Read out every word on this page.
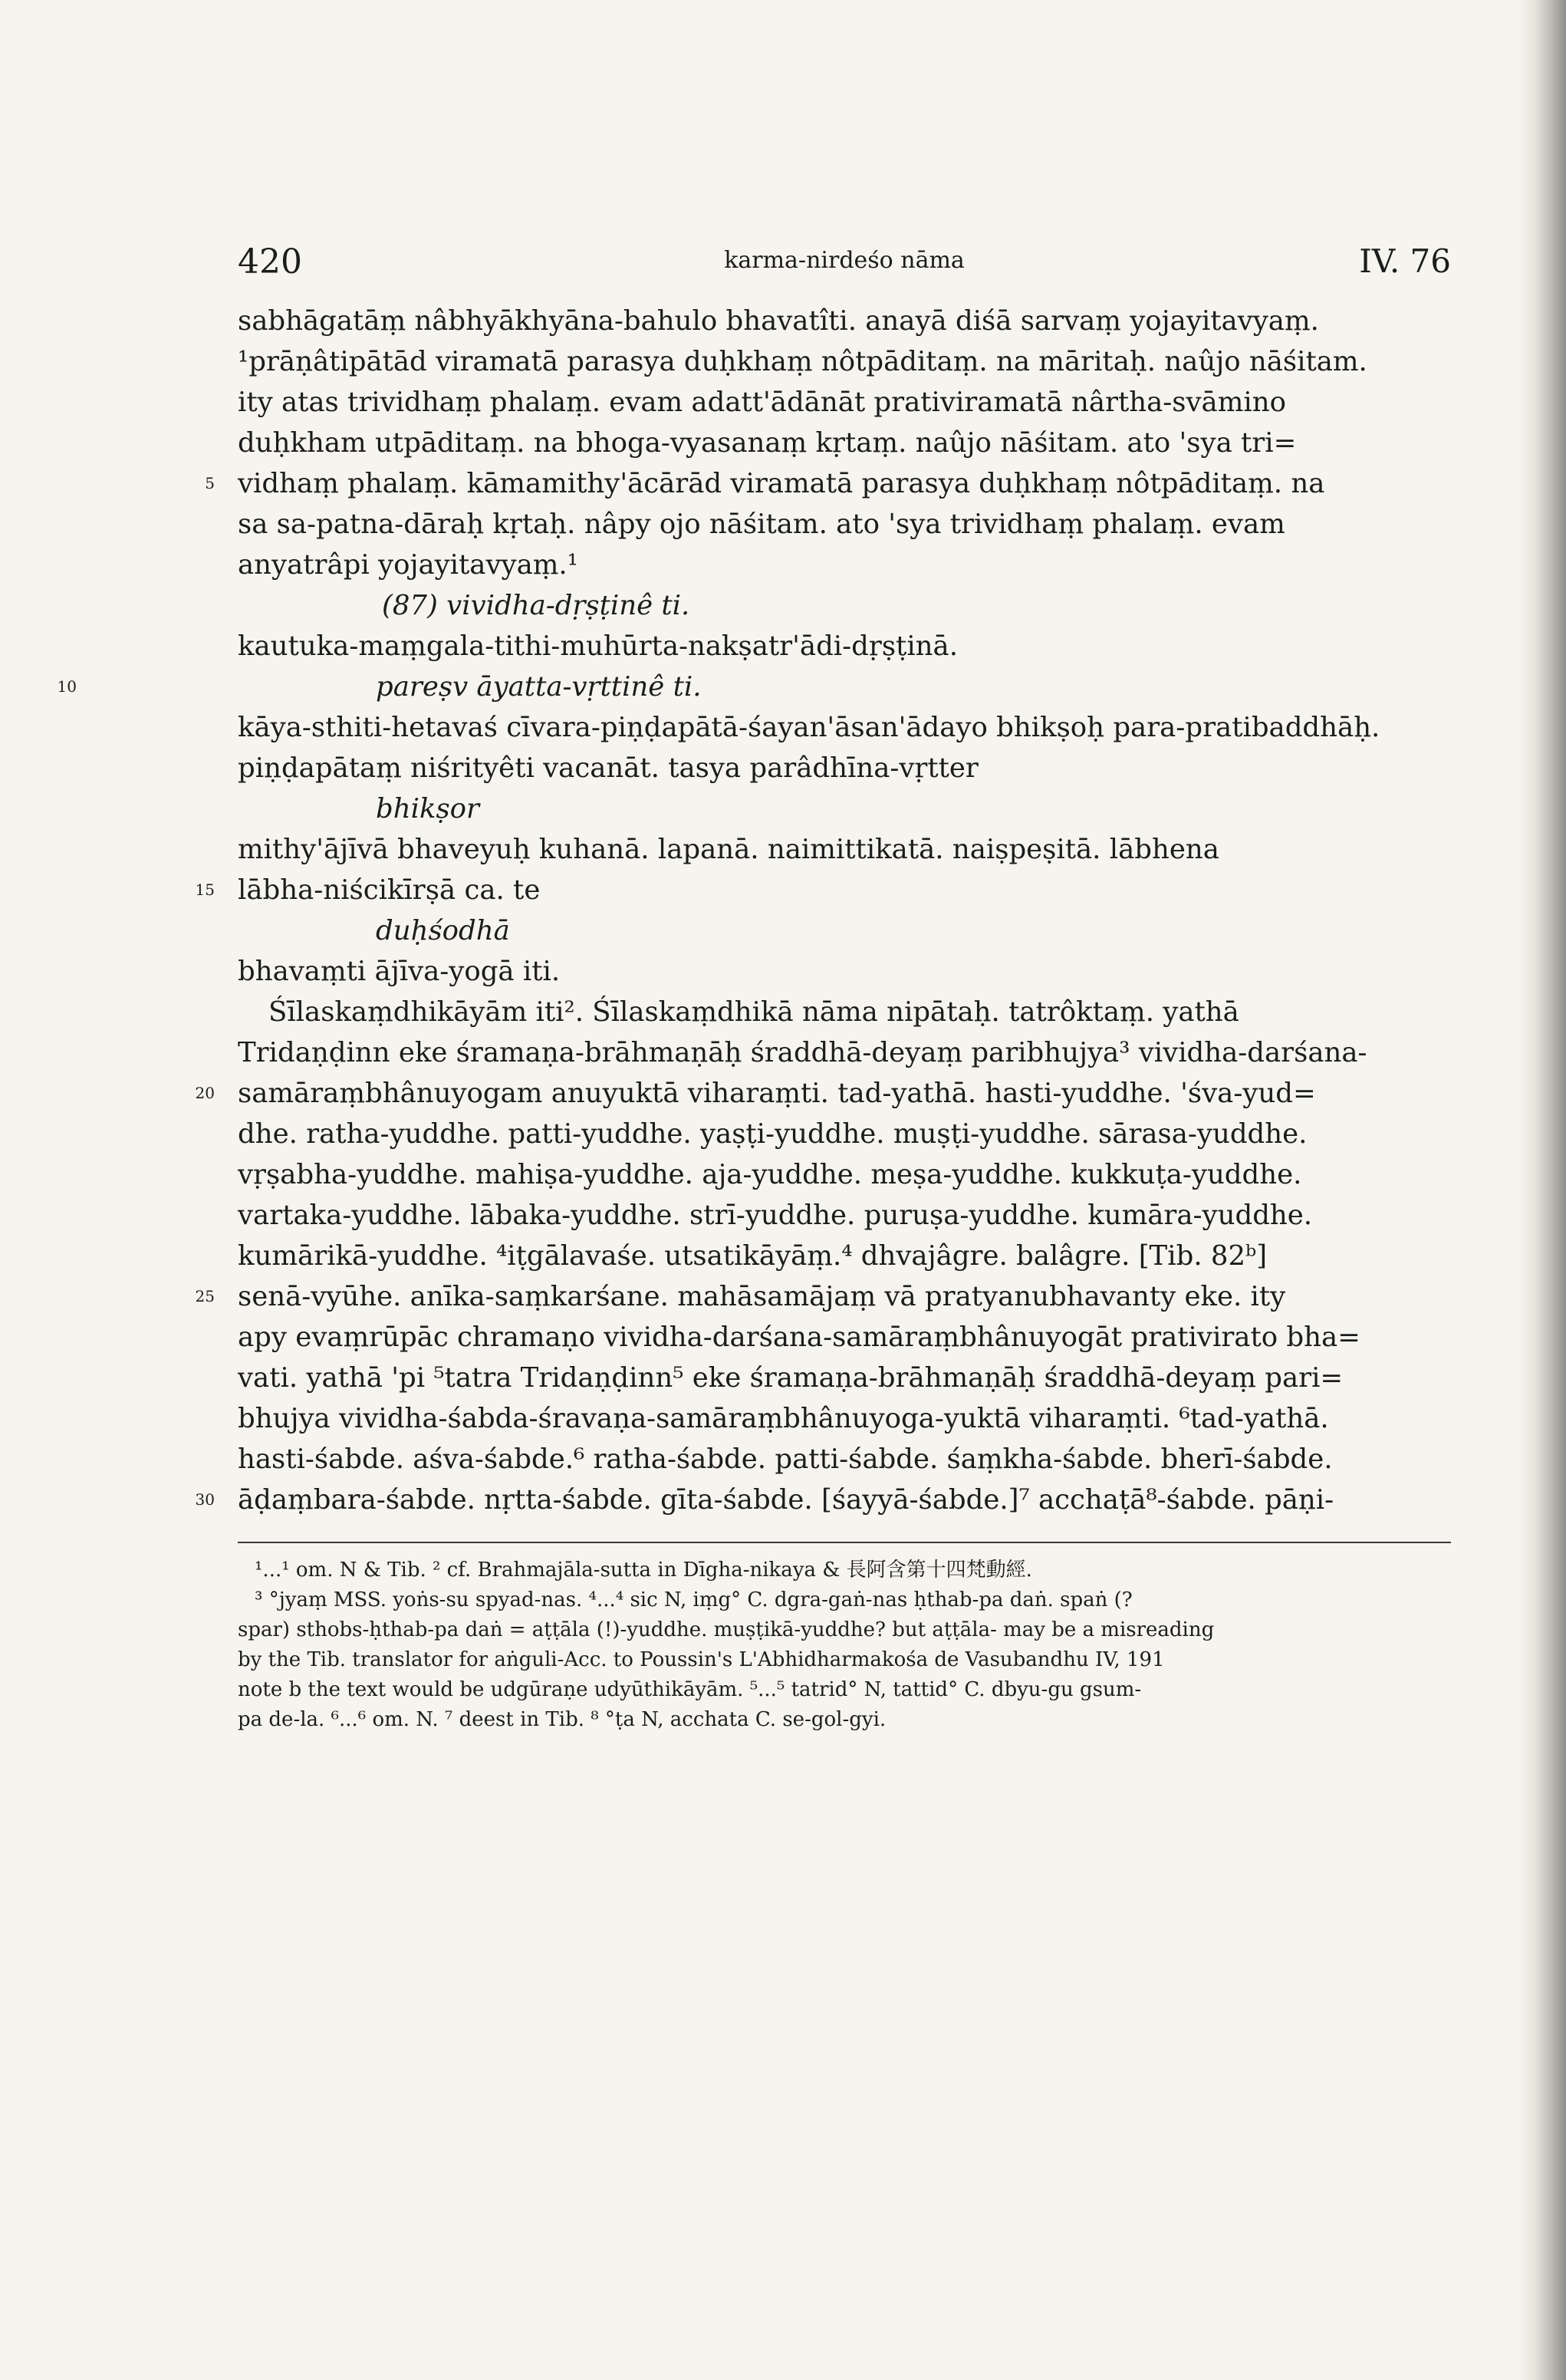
420	karma-nirdeśo nāma	IV. 76
sabhāgatāṃ nâbhyākhyāna-bahulo bhavatîti. anayā diśā sarvaṃ yojayitavyaṃ.
¹prāṇâtipātād viramatā parasya duḥkhaṃ nôtpāditaṃ. na māritaḥ. naûjo nāśitam.
ity atas trividhaṃ phalaṃ. evam adatt'ādānāt prativiramatā nârtha-svāmino
duḥkham utpāditaṃ. na bhoga-vyasanaṃ kṛtaṃ. naûjo nāśitam. ato 'sya tri=
5 vidhaṃ phalaṃ. kāmamithy'ācārād viramatā parasya duḥkhaṃ nôtpāditaṃ. na
sa sa-patna-dāraḥ kṛtaḥ. nâpy ojo nāśitam. ato 'sya trividhaṃ phalaṃ. evam
anyatrâpi yojayitavyaṃ.¹
(87) vividha-dṛṣṭinê ti.
kautuka-maṃgala-tithi-muhūrta-nakṣatr'ādi-dṛṣṭinā.
10	pareṣv āyatta-vṛttinê ti.
kāya-sthiti-hetavaś cīvara-piṇḍapātā-śayan'āsan'ādayo bhikṣoḥ para-pratibaddhāḥ.
piṇḍapātaṃ niśrityêti vacanāt. tasya parâdhīna-vṛtter
bhikṣor
mithy'ājīvā bhaveyuḥ kuhanā. lapanā. naimittikatā. naiṣpeṣitā. lābhena
15 lābha-niścikīrṣā ca. te
duḥśodhā
bhavaṃti ājīva-yogā iti.
Śīlaskaṃdhikāyām iti². Śīlaskaṃdhikā nāma nipātaḥ. tatrôktaṃ. yathā
Tridaṇḍinn eke śramaṇa-brāhmaṇāḥ śraddhā-deyaṃ paribhujya³ vividha-darśana-
20 samāraṃbhânuyogam anuyuktā viharaṃti. tad-yathā. hasti-yuddhe. 'śva-yud=
dhe. ratha-yuddhe. patti-yuddhe. yaṣṭi-yuddhe. muṣṭi-yuddhe. sārasa-yuddhe.
vṛṣabha-yuddhe. mahiṣa-yuddhe. aja-yuddhe. meṣa-yuddhe. kukkuṭa-yuddhe.
vartaka-yuddhe. lābaka-yuddhe. strī-yuddhe. puruṣa-yuddhe. kumāra-yuddhe.
kumārikā-yuddhe. ⁴iṭgālavaśe. utsatikāyāṃ.⁴ dhvajâgre. balâgre. [Tib. 82ᵇ]
25 senā-vyūhe. anīka-saṃkarśane. mahāsamājaṃ vā pratyanubhavanty eke. ity
apy evaṃrūpāc chramaṇo vividha-darśana-samāraṃbhânuyogāt prativirato bha=
vati. yathā 'pi ⁵tatra Tridaṇḍinn⁵ eke śramaṇa-brāhmaṇāḥ śraddhā-deyaṃ pari=
bhujya vividha-śabda-śravaṇa-samāraṃbhânuyoga-yuktā viharaṃti. ⁶tad-yathā.
hasti-śabde. aśva-śabde.⁶ ratha-śabde. patti-śabde. śaṃkha-śabde. bherī-śabde.
30 āḍaṃbara-śabde. nṛtta-śabde. gīta-śabde. [śayyā-śabde.]⁷ acchaṭā⁸-śabde. pāṇi-
¹...¹ om. N & Tib. ² cf. Brahmajāla-sutta in Dīgha-nikaya & 長阿含第十四梵動經.
³ °jyaṃ MSS. yoṅs-su spyad-nas. ⁴...⁴ sic N, iṃg° C. dgra-gaṅ-nas ḥthab-pa daṅ. spaṅ (?
spar) sthobs-ḥthab-pa daṅ = aṭṭāla (!)-yuddhe. muṣṭikā-yuddhe? but aṭṭāla- may be a misreading
by the Tib. translator for aṅguli-Acc. to Poussin's L'Abhidharmakośa de Vasubandhu IV, 191
note b the text would be udgūraṇe udyūthikāyām. ⁵...⁵ tatrid° N, tattid° C. dbyu-gu gsum-
pa de-la. ⁶...⁶ om. N. ⁷ deest in Tib. ⁸ °ṭa N, acchata C. se-gol-gyi.
